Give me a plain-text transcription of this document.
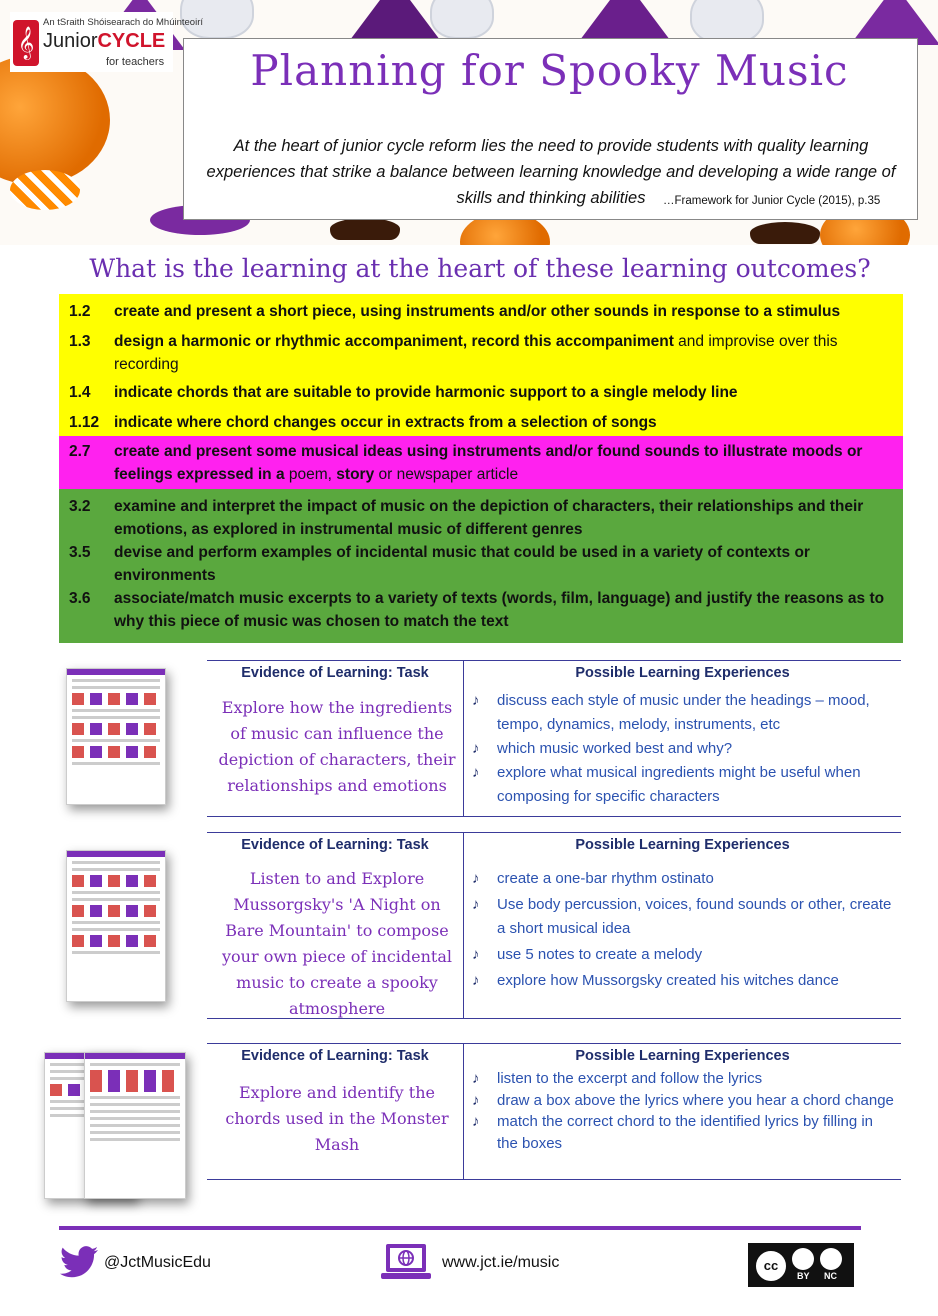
𝄞
An tSraith Shóisearach do Mhúinteoirí
JuniorCYCLE
for teachers	Planning for Spooky Music
At the heart of junior cycle reform lies the need to provide students with quality learning experiences that strike a balance between learning knowledge and developing a wide range of skills and thinking abilities	…Framework for Junior Cycle (2015), p.35
What is the learning at the heart of these learning outcomes?
1.2 create and present a short piece, using instruments and/or other sounds in response to a stimulus
1.3 design a harmonic or rhythmic accompaniment, record this accompaniment and improvise over this recording
1.4 indicate chords that are suitable to provide harmonic support to a single melody line
1.12 indicate where chord changes occur in extracts from a selection of songs
2.7 create and present some musical ideas using instruments and/or found sounds to illustrate moods or feelings expressed in a poem, story or newspaper article
3.2 examine and interpret the impact of music on the depiction of characters, their relationships and their emotions, as explored in instrumental music of different genres
3.5 devise and perform examples of incidental music that could be used in a variety of contexts or environments
3.6 associate/match music excerpts to a variety of texts (words, film, language) and justify the reasons as to why this piece of music was chosen to match the text
Evidence of Learning: Task	Possible Learning Experiences
Explore how the ingredients of music can influence the depiction of characters, their relationships and emotions
♪ discuss each style of music under the headings – mood, tempo, dynamics, melody, instruments, etc
♪ which music worked best and why?
♪ explore what musical ingredients might be useful when composing for specific characters
Evidence of Learning: Task	Possible Learning Experiences
Listen to and Explore Mussorgsky's 'A Night on Bare Mountain' to compose your own piece of incidental music to create a spooky atmosphere
♪ create a one-bar rhythm ostinato
♪ Use body percussion, voices, found sounds or other, create a short musical idea
♪ use 5 notes to create a melody
♪ explore how Mussorgsky created his witches dance
Evidence of Learning: Task	Possible Learning Experiences
Explore and identify the chords used in the Monster Mash
♪ listen to the excerpt and follow the lyrics
♪ draw a box above the lyrics where you hear a chord change
♪ match the correct chord to the identified lyrics by filling in the boxes
@JctMusicEdu	www.jct.ie/music	cc
BY NC
